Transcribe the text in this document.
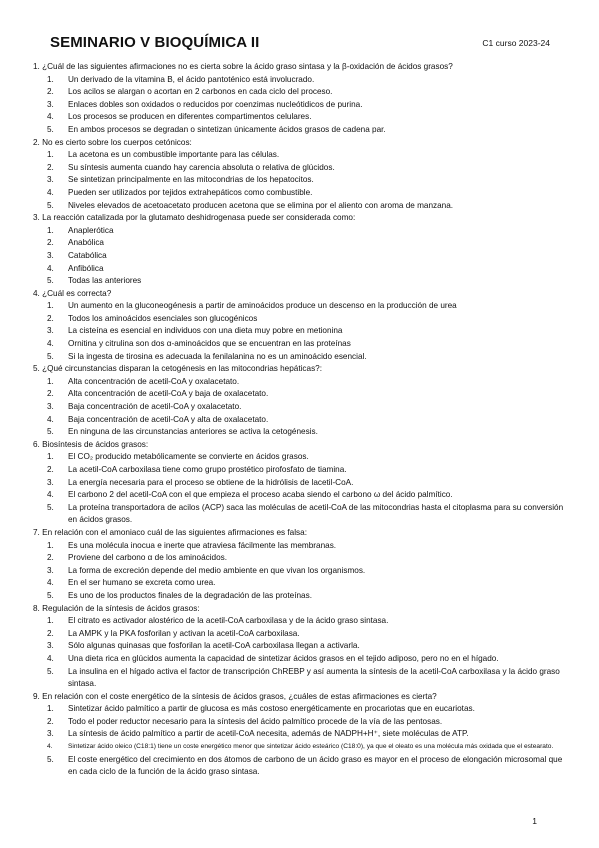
SEMINARIO V BIOQUÍMICA II	C1 curso 2023-24
1. ¿Cuál de las siguientes afirmaciones no es cierta sobre la ácido graso sintasa y la β-oxidación de ácidos grasos?
1. Un derivado de la vitamina B, el ácido pantoténico está involucrado.
2. Los acilos se alargan o acortan en 2 carbonos en cada ciclo del proceso.
3. Enlaces dobles son oxidados o reducidos por coenzimas nucleótidicos de purina.
4. Los procesos se producen en diferentes compartimentos celulares.
5. En ambos procesos se degradan o sintetizan únicamente ácidos grasos de cadena par.
2. No es cierto sobre los cuerpos cetónicos:
1. La acetona es un combustible importante para las células.
2. Su síntesis aumenta cuando hay carencia absoluta o relativa de glúcidos.
3. Se sintetizan principalmente en las mitocondrias de los hepatocitos.
4. Pueden ser utilizados por tejidos extrahepáticos como combustible.
5. Niveles elevados de acetoacetato producen acetona que se elimina por el aliento con aroma de manzana.
3. La reacción catalizada por la glutamato deshidrogenasa puede ser considerada como:
1. Anaplerótica
2. Anabólica
3. Catabólica
4. Anfibólica
5. Todas las anteriores
4. ¿Cuál es correcta?
1. Un aumento en la gluconeogénesis a partir de aminoácidos produce un descenso en la producción de urea
2. Todos los aminoácidos esenciales son glucogénicos
3. La cisteína es esencial en individuos con una dieta muy pobre en metionina
4. Ornitina y citrulina son dos α-aminoácidos que se encuentran en las proteínas
5. Si la ingesta de tirosina es adecuada la fenilalanina no es un aminoácido esencial.
5. ¿Qué circunstancias disparan la cetogénesis en las mitocondrias hepáticas?:
1. Alta concentración de acetil-CoA y oxalacetato.
2. Alta concentración de acetil-CoA y baja de oxalacetato.
3. Baja concentración de acetil-CoA y oxalacetato.
4. Baja concentración de acetil-CoA y alta de oxalacetato.
5. En ninguna de las circunstancias anteriores se activa la cetogénesis.
6. Biosíntesis de ácidos grasos:
1. El CO₂ producido metabólicamente se convierte en ácidos grasos.
2. La acetil-CoA carboxilasa tiene como grupo prostético pirofosfato de tiamina.
3. La energía necesaria para el proceso se obtiene de la hidrólisis de lacetil-CoA.
4. El carbono 2 del acetil-CoA con el que empieza el proceso acaba siendo el carbono ω del ácido palmítico.
5. La proteína transportadora de acilos (ACP) saca las moléculas de acetil-CoA de las mitocondrias hasta el citoplasma para su conversión en ácidos grasos.
7. En relación con el amoniaco cuál de las siguientes afirmaciones es falsa:
1. Es una molécula inocua e inerte que atraviesa fácilmente las membranas.
2. Proviene del carbono α de los aminoácidos.
3. La forma de excreción depende del medio ambiente en que vivan los organismos.
4. En el ser humano se excreta como urea.
5. Es uno de los productos finales de la degradación de las proteínas.
8. Regulación de la síntesis de ácidos grasos:
1. El citrato es activador alostérico de la acetil-CoA carboxilasa y de la ácido graso sintasa.
2. La AMPK y la PKA fosforilan y activan la acetil-CoA carboxilasa.
3. Sólo algunas quinasas que fosforilan la acetil-CoA carboxilasa llegan a activarla.
4. Una dieta rica en glúcidos aumenta la capacidad de sintetizar ácidos grasos en el tejido adiposo, pero no en el hígado.
5. La insulina en el hígado activa el factor de transcripción ChREBP y así aumenta la síntesis de la acetil-CoA carboxilasa y la ácido graso sintasa.
9. En relación con el coste energético de la síntesis de ácidos grasos, ¿cuáles de estas afirmaciones es cierta?
1. Sintetizar ácido palmítico a partir de glucosa es más costoso energéticamente en procariotas que en eucariotas.
2. Todo el poder reductor necesario para la síntesis del ácido palmítico procede de la vía de las pentosas.
3. La síntesis de ácido palmítico a partir de acetil-CoA necesita, además de NADPH+H⁺, siete moléculas de ATP.
4. Sintetizar ácido oleico (C18:1) tiene un coste energético menor que sintetizar ácido esteárico (C18:0), ya que el oleato es una molécula más oxidada que el estearato.
5. El coste energético del crecimiento en dos átomos de carbono de un ácido graso es mayor en el proceso de elongación microsomal que en cada ciclo de la función de la ácido graso sintasa.
1
